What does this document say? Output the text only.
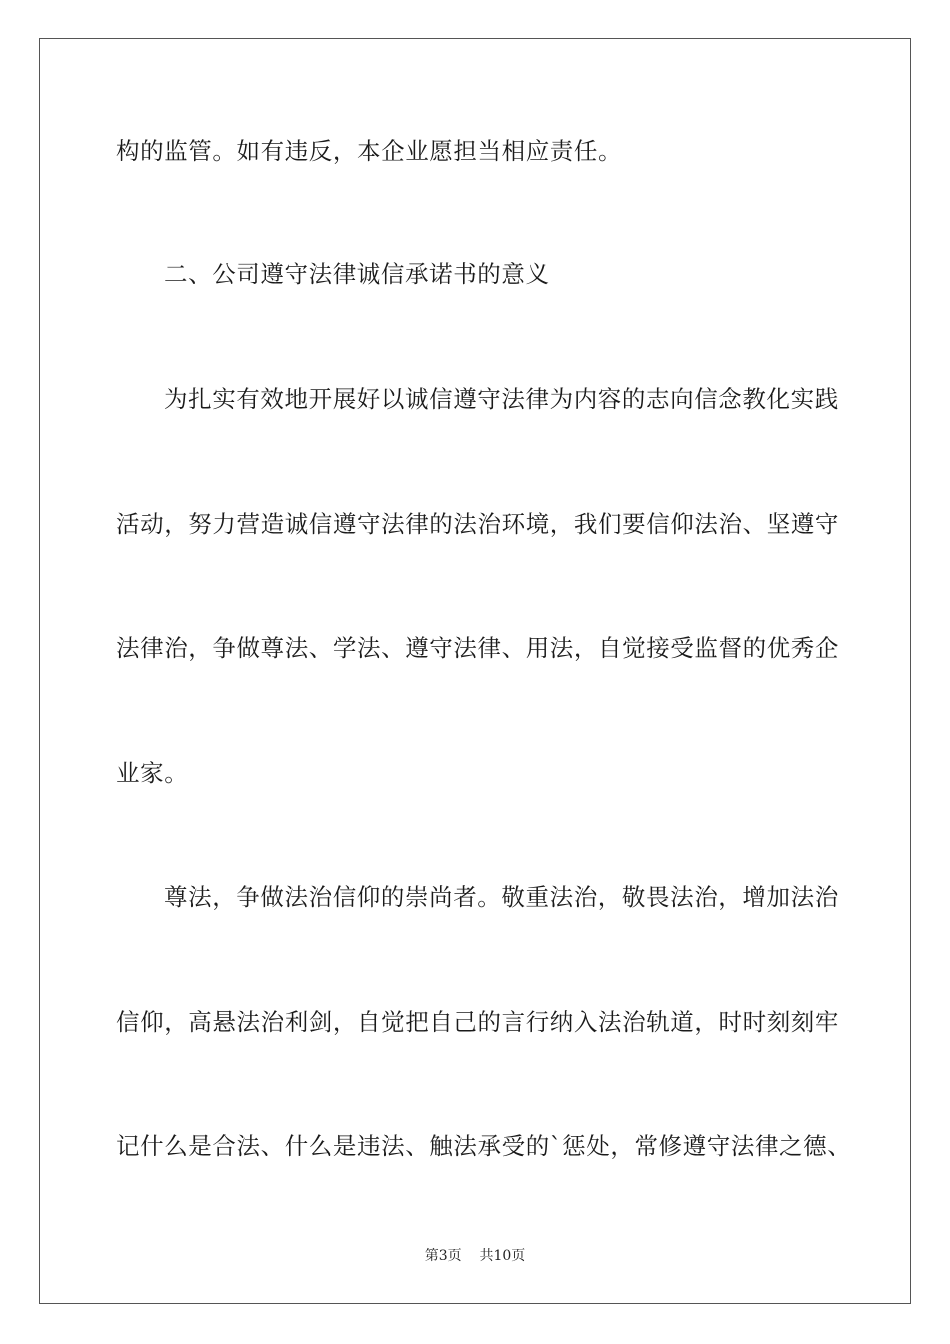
构的监管。如有违反，本企业愿担当相应责任。

二、公司遵守法律诚信承诺书的意义

为扎实有效地开展好以诚信遵守法律为内容的志向信念教化实践

活动，努力营造诚信遵守法律的法治环境，我们要信仰法治、坚遵守

法律治，争做尊法、学法、遵守法律、用法，自觉接受监督的优秀企

业家。

尊法，争做法治信仰的崇尚者。敬重法治，敬畏法治，增加法治

信仰，高悬法治利剑，自觉把自己的言行纳入法治轨道，时时刻刻牢

记什么是合法、什么是违法、触法承受的`惩处，常修遵守法律之德、

第3页 共10页
